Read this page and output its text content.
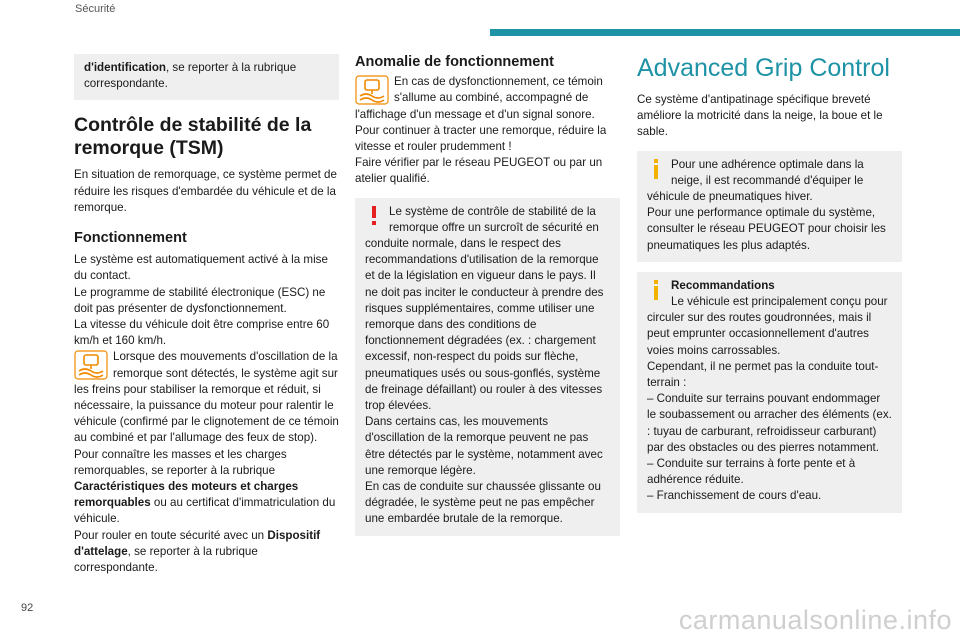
Sécurité

d'identification, se reporter à la rubrique correspondante.

Contrôle de stabilité de la remorque (TSM)

En situation de remorquage, ce système permet de réduire les risques d'embardée du véhicule et de la remorque.

Fonctionnement

Le système est automatiquement activé à la mise du contact.

Le programme de stabilité électronique (ESC) ne doit pas présenter de dysfonctionnement.

La vitesse du véhicule doit être comprise entre 60 km/h et 160 km/h.

Lorsque des mouvements d'oscillation de la remorque sont détectés, le système agit sur les freins pour stabiliser la remorque et réduit, si nécessaire, la puissance du moteur pour ralentir le véhicule (confirmé par le clignotement de ce témoin au combiné et par l'allumage des feux de stop).

Pour connaître les masses et les charges remorquables, se reporter à la rubrique Caractéristiques des moteurs et charges remorquables ou au certificat d'immatriculation du véhicule.

Pour rouler en toute sécurité avec un Dispositif d'attelage, se reporter à la rubrique correspondante.

Anomalie de fonctionnement

En cas de dysfonctionnement, ce témoin s'allume au combiné, accompagné de l'affichage d'un message et d'un signal sonore.

Pour continuer à tracter une remorque, réduire la vitesse et rouler prudemment !

Faire vérifier par le réseau PEUGEOT ou par un atelier qualifié.

Le système de contrôle de stabilité de la remorque offre un surcroît de sécurité en conduite normale, dans le respect des recommandations d'utilisation de la remorque et de la législation en vigueur dans le pays. Il ne doit pas inciter le conducteur à prendre des risques supplémentaires, comme utiliser une remorque dans des conditions de fonctionnement dégradées (ex. : chargement excessif, non-respect du poids sur flèche, pneumatiques usés ou sous-gonflés, système de freinage défaillant) ou rouler à des vitesses trop élevées.

Dans certains cas, les mouvements d'oscillation de la remorque peuvent ne pas être détectés par le système, notamment avec une remorque légère.

En cas de conduite sur chaussée glissante ou dégradée, le système peut ne pas empêcher une embardée brutale de la remorque.

Advanced Grip Control

Ce système d'antipatinage spécifique breveté améliore la motricité dans la neige, la boue et le sable.

Pour une adhérence optimale dans la neige, il est recommandé d'équiper le véhicule de pneumatiques hiver.

Pour une performance optimale du système, consulter le réseau PEUGEOT pour choisir les pneumatiques les plus adaptés.

Recommandations

Le véhicule est principalement conçu pour circuler sur des routes goudronnées, mais il peut emprunter occasionnellement d'autres voies moins carrossables.

Cependant, il ne permet pas la conduite tout-terrain :

– Conduite sur terrains pouvant endommager le soubassement ou arracher des éléments (ex. : tuyau de carburant, refroidisseur carburant) par des obstacles ou des pierres notamment.

– Conduite sur terrains à forte pente et à adhérence réduite.

– Franchissement de cours d'eau.

92	carmanualsonline.info
